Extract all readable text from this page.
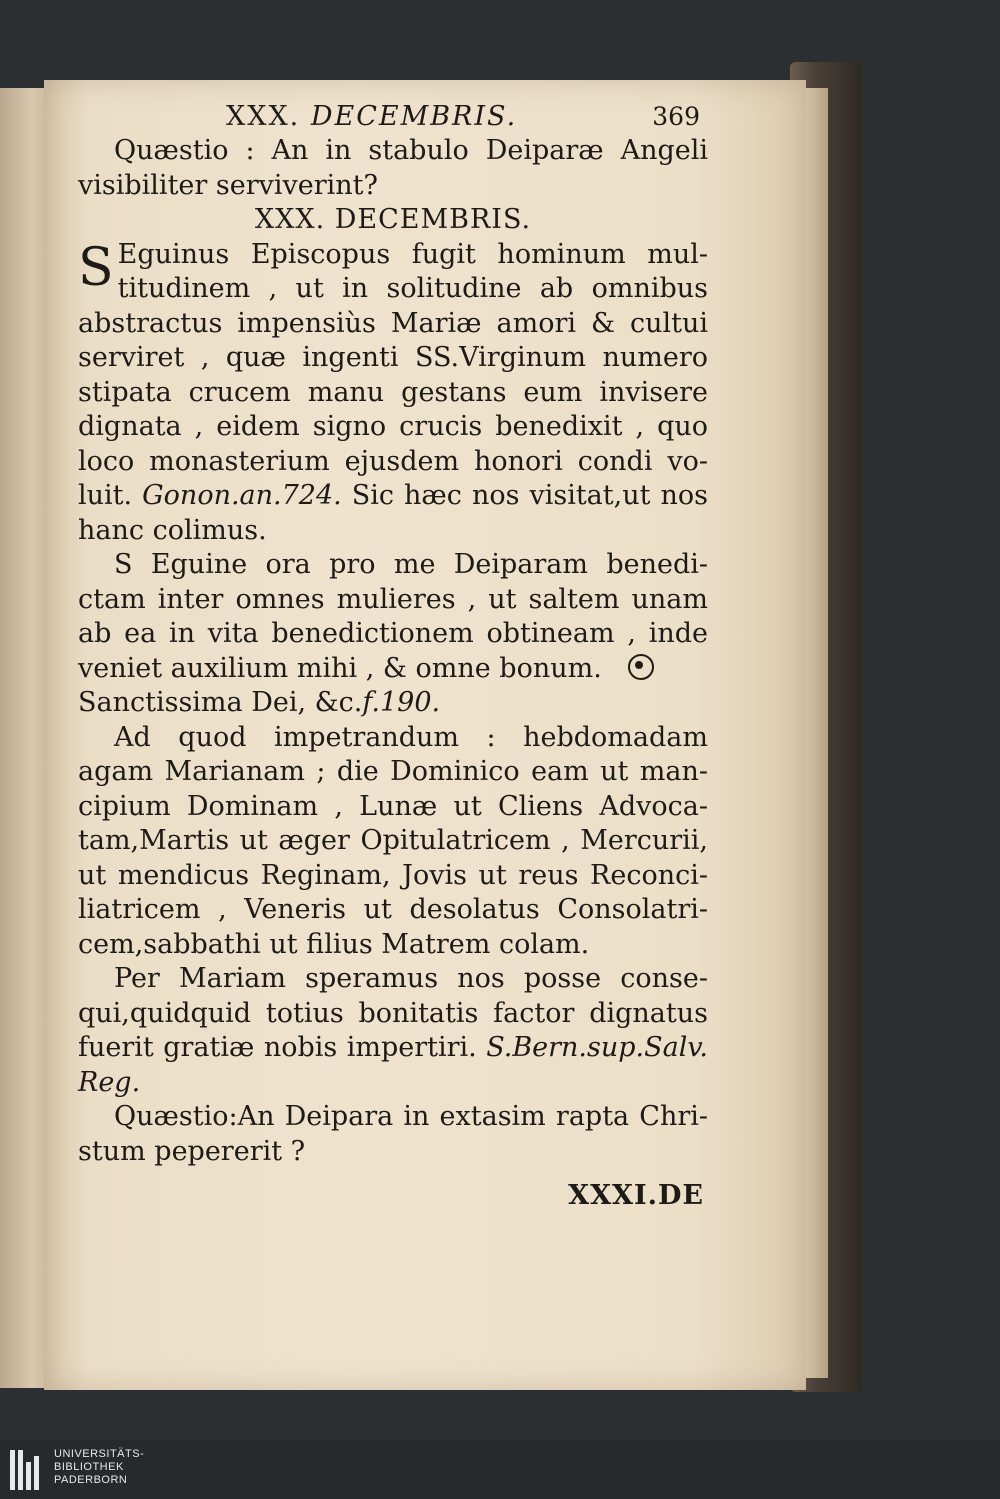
XXX. DECEMBRIS.	369
Quæstio : An in stabulo Deiparæ Angeli
visibiliter serviverint?
XXX. DECEMBRIS.
S Eguinus Episcopus fugit hominum mul-
titudinem , ut in solitudine ab omnibus
abstractus impensiùs Mariæ amori & cultui
serviret , quæ ingenti SS.Virginum numero
stipata crucem manu gestans eum invisere
dignata , eidem signo crucis benedixit , quo
loco monasterium ejusdem honori condi vo-
luit. Gonon.an.724. Sic hæc nos visitat,ut nos
hanc colimus.
S Eguine ora pro me Deiparam benedi-
ctam inter omnes mulieres , ut saltem unam
ab ea in vita benedictionem obtineam , inde
veniet auxilium mihi , & omne bonum.
Sanctissima Dei, &c.f.190.
Ad quod impetrandum : hebdomadam
agam Marianam ; die Dominico eam ut man-
cipium Dominam , Lunæ ut Cliens Advoca-
tam,Martis ut æger Opitulatricem , Mercurii,
ut mendicus Reginam, Jovis ut reus Reconci-
liatricem , Veneris ut desolatus Consolatri-
cem,sabbathi ut filius Matrem colam.
Per Mariam speramus nos posse conse-
qui,quidquid totius bonitatis factor dignatus
fuerit gratiæ nobis impertiri. S.Bern.sup.Salv.
Reg.
Quæstio:An Deipara in extasim rapta Chri-
stum pepererit ?
XXXI.DE
UNIVERSITÄTS-
BIBLIOTHEK
PADERBORN
